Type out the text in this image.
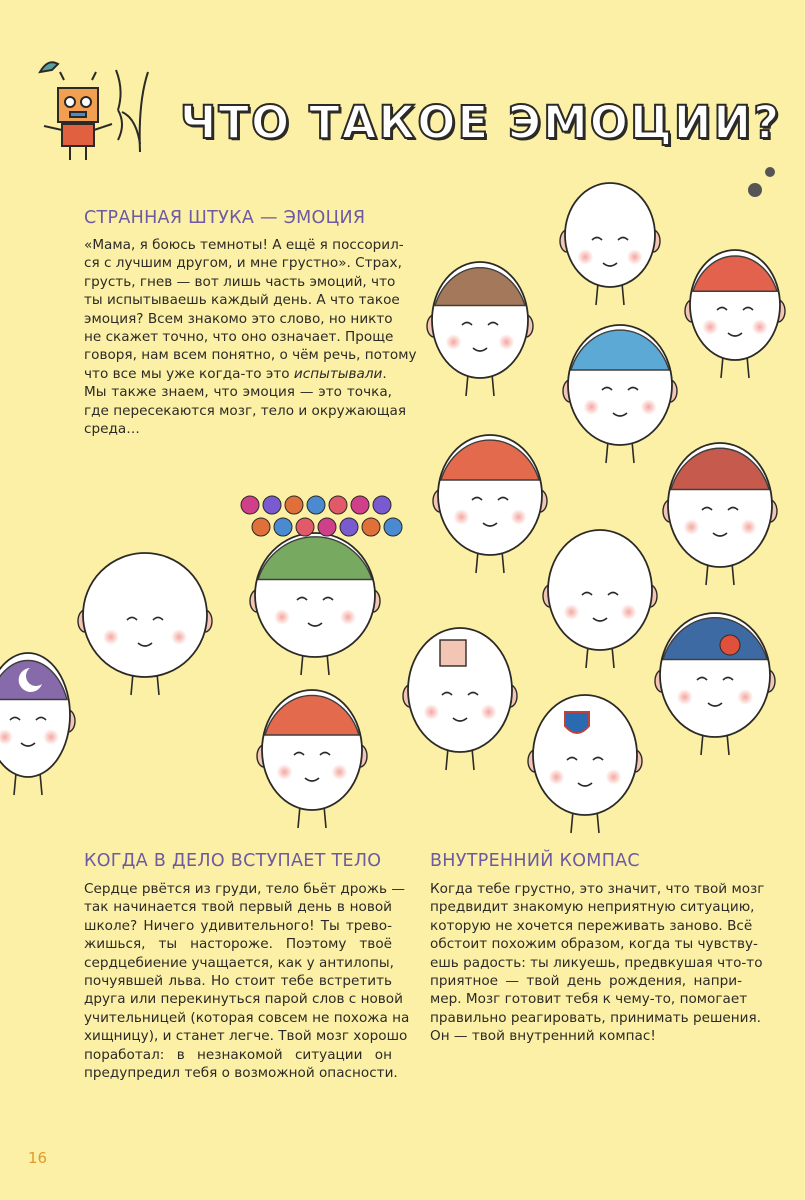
ЧТО ТАКОЕ ЭМОЦИИ?
СТРАННАЯ ШТУКА — ЭМОЦИЯ
«Мама, я боюсь темноты! А ещё я поссорил-
ся с лучшим другом, и мне грустно». Страх,
грусть, гнев — вот лишь часть эмоций, что
ты испытываешь каждый день. А что такое
эмоция? Всем знакомо это слово, но никто
не скажет точно, что оно означает. Проще
говоря, нам всем понятно, о чём речь, потому
что все мы уже когда-то это испытывали.
Мы также знаем, что эмоция — это точка,
где пересекаются мозг, тело и окружающая
среда…
КОГДА В ДЕЛО ВСТУПАЕТ ТЕЛО
Сердце рвётся из груди, тело бьёт дрожь —
так начинается твой первый день в новой
школе? Ничего удивительного! Ты трево-
жишься, ты настороже. Поэтому твоё
сердцебиение учащается, как у антилопы,
почуявшей льва. Но стоит тебе встретить
друга или перекинуться парой слов с новой
учительницей (которая совсем не похожа на
хищницу), и станет легче. Твой мозг хорошо
поработал: в незнакомой ситуации он
предупредил тебя о возможной опасности.
ВНУТРЕННИЙ КОМПАС
Когда тебе грустно, это значит, что твой мозг
предвидит знакомую неприятную ситуацию,
которую не хочется переживать заново. Всё
обстоит похожим образом, когда ты чувству-
ешь радость: ты ликуешь, предвкушая что-то
приятное — твой день рождения, напри-
мер. Мозг готовит тебя к чему-то, помогает
правильно реагировать, принимать решения.
Он — твой внутренний компас!
16
